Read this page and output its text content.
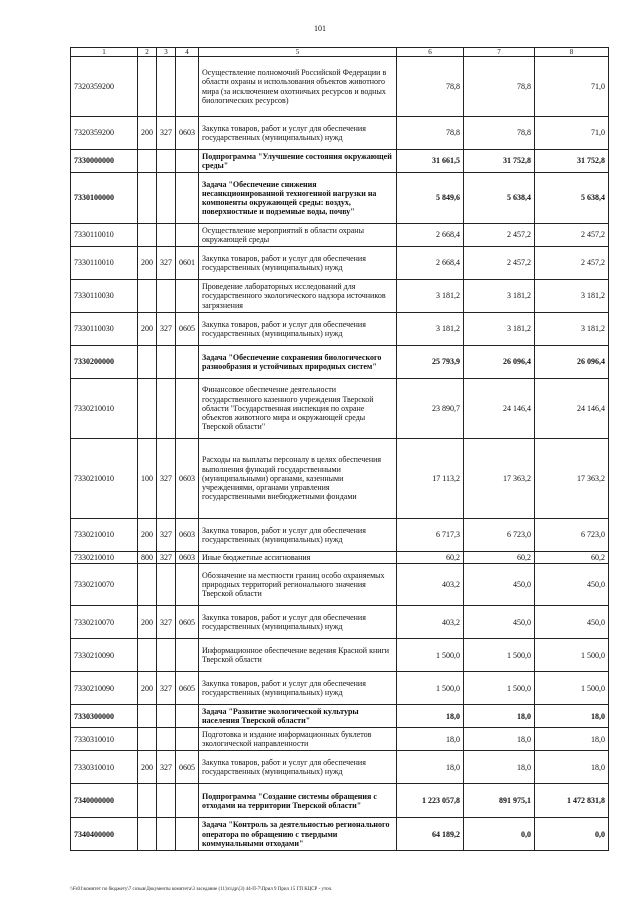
101
1	2	3	4	5	6	7	8
7320359200				Осуществление полномочий Российской Федерации в области охраны и использования объектов животного мира (за исключением охотничьих ресурсов и водных биологических ресурсов)	78,8	78,8	71,0
7320359200	200	327	0603	Закупка товаров, работ и услуг для обеспечения государственных (муниципальных) нужд	78,8	78,8	71,0
7330000000				Подпрограмма "Улучшение состояния окружающей среды"	31 661,5	31 752,8	31 752,8
7330100000				Задача "Обеспечение снижения несанкционированной техногенной нагрузки на компоненты окружающей среды: воздух, поверхностные и подземные воды, почву"	5 849,6	5 638,4	5 638,4
7330110010				Осуществление мероприятий в области охраны окружающей среды	2 668,4	2 457,2	2 457,2
7330110010	200	327	0601	Закупка товаров, работ и услуг для обеспечения государственных (муниципальных) нужд	2 668,4	2 457,2	2 457,2
7330110030				Проведение лабораторных исследований для государственного экологического надзора источников загрязнения	3 181,2	3 181,2	3 181,2
7330110030	200	327	0605	Закупка товаров, работ и услуг для обеспечения государственных (муниципальных) нужд	3 181,2	3 181,2	3 181,2
7330200000				Задача "Обеспечение сохранения биологического разнообразия и устойчивых природных систем"	25 793,9	26 096,4	26 096,4
7330210010				Финансовое обеспечение деятельности государственного казенного учреждения Тверской области "Государственная инспекция по охране объектов животного мира и окружающей среды Тверской области"	23 890,7	24 146,4	24 146,4
7330210010	100	327	0603	Расходы на выплаты персоналу в целях обеспечения выполнения функций государственными (муниципальными) органами, казенными учреждениями, органами управления государственными внебюджетными фондами	17 113,2	17 363,2	17 363,2
7330210010	200	327	0603	Закупка товаров, работ и услуг для обеспечения государственных (муниципальных) нужд	6 717,3	6 723,0	6 723,0
7330210010	800	327	0603	Иные бюджетные ассигнования	60,2	60,2	60,2
7330210070				Обозначение на местности границ особо охраняемых природных территорий регионального значения Тверской области	403,2	450,0	450,0
7330210070	200	327	0605	Закупка товаров, работ и услуг для обеспечения государственных (муниципальных) нужд	403,2	450,0	450,0
7330210090				Информационное обеспечение ведения Красной книги Тверской области	1 500,0	1 500,0	1 500,0
7330210090	200	327	0605	Закупка товаров, работ и услуг для обеспечения государственных (муниципальных) нужд	1 500,0	1 500,0	1 500,0
7330300000				Задача "Развитие экологической культуры населения Тверской области"	18,0	18,0	18,0
7330310010				Подготовка и издание информационных буклетов экологической направленности	18,0	18,0	18,0
7330310010	200	327	0605	Закупка товаров, работ и услуг для обеспечения государственных (муниципальных) нужд	18,0	18,0	18,0
7340000000				Подпрограмма "Создание системы обращения с отходами на территории Тверской области"	1 223 057,8	891 975,1	1 472 831,8
7340400000				Задача "Контроль за деятельностью регионального оператора по обращению с твердыми коммунальными отходами"	64 189,2	0,0	0,0
\\Fs01\комитет по бюджету\7 созыв\Документы комитета\3 заседание (11)\п\др\(3) 44-П-7\Прил 9 Прил 15 ГП КЦСР - уточ.
